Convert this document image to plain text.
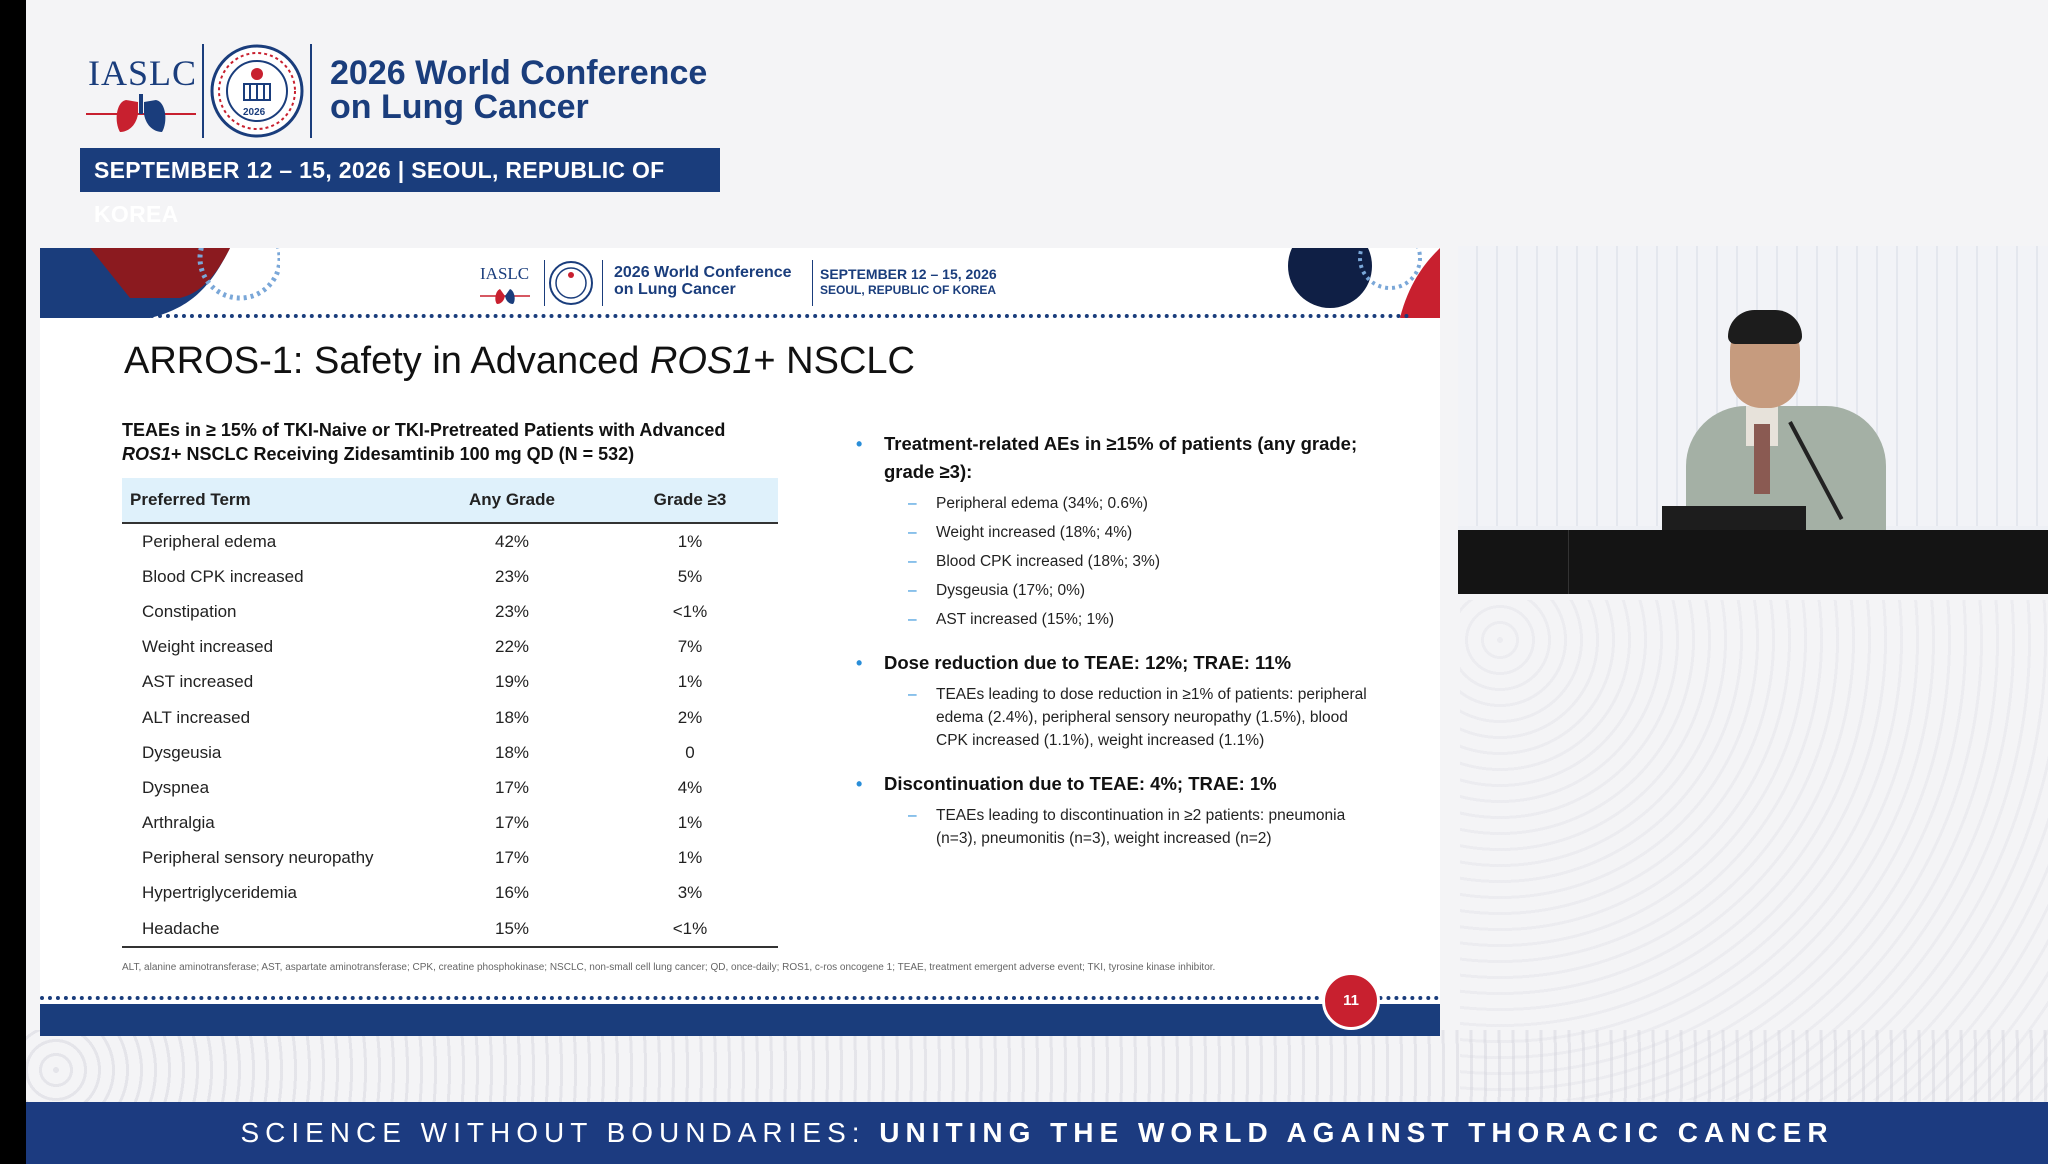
IASLC
2026
2026 World Conference
on Lung Cancer
SEPTEMBER 12 – 15, 2026 | SEOUL, REPUBLIC OF KOREA
IASLC	2026 World Conference
on Lung Cancer
SEPTEMBER 12 – 15, 2026
SEOUL, REPUBLIC OF KOREA
ARROS-1: Safety in Advanced ROS1+ NSCLC
TEAEs in ≥ 15% of TKI-Naive or TKI-Pretreated Patients with Advanced
ROS1+ NSCLC Receiving Zidesamtinib 100 mg QD (N = 532)
Preferred Term	Any Grade	Grade ≥3
Peripheral edema	42%	1%
Blood CPK increased	23%	5%
Constipation	23%	<1%
Weight increased	22%	7%
AST increased	19%	1%
ALT increased	18%	2%
Dysgeusia	18%	0
Dyspnea	17%	4%
Arthralgia	17%	1%
Peripheral sensory neuropathy	17%	1%
Hypertriglyceridemia	16%	3%
Headache	15%	<1%
• Treatment-related AEs in ≥15% of patients (any grade; grade ≥3):
– Peripheral edema (34%; 0.6%)
– Weight increased (18%; 4%)
– Blood CPK increased (18%; 3%)
– Dysgeusia (17%; 0%)
– AST increased (15%; 1%)
• Dose reduction due to TEAE: 12%; TRAE: 11%
– TEAEs leading to dose reduction in ≥1% of patients: peripheral edema (2.4%), peripheral sensory neuropathy (1.5%), blood CPK increased (1.1%), weight increased (1.1%)
• Discontinuation due to TEAE: 4%; TRAE: 1%
– TEAEs leading to discontinuation in ≥2 patients: pneumonia (n=3), pneumonitis (n=3), weight increased (n=2)
ALT, alanine aminotransferase; AST, aspartate aminotransferase; CPK, creatine phosphokinase; NSCLC, non-small cell lung cancer; QD, once-daily; ROS1, c-ros oncogene 1; TEAE, treatment emergent adverse event; TKI, tyrosine kinase inhibitor.
11
SCIENCE WITHOUT BOUNDARIES: UNITING THE WORLD AGAINST THORACIC CANCER
